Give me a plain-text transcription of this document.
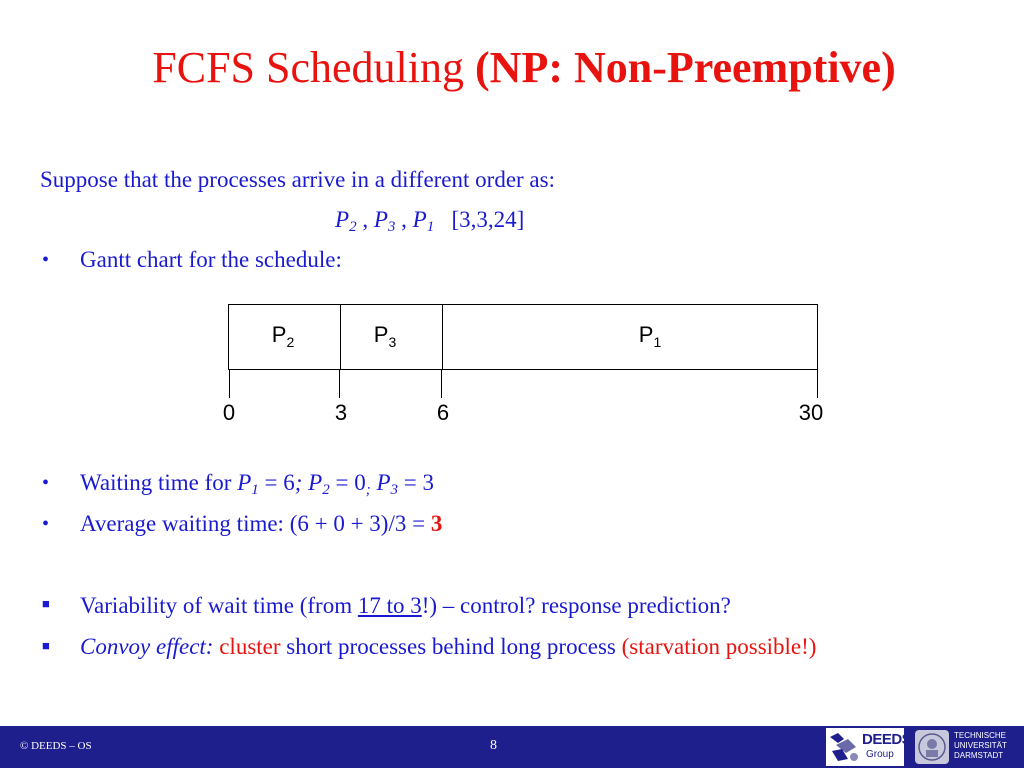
FCFS Scheduling (NP: Non-Preemptive)
Suppose that the processes arrive in a different order as:
$P_2$ , $P_3$ , $P_1$ [3,3,24]
• Gantt chart for the schedule:
$P_2$	$P_3$	$P_1$
0	3	6	30
• Waiting time for $P_1 = 6$; $P_2 = 0_;$ $P_3 = 3$
• Average waiting time: (6 + 0 + 3)/3 = 3
■ Variability of wait time (from 17 to 3!) – control? response prediction?
■ Convoy effect: cluster short processes behind long process (starvation possible!)
© DEEDS – OS	8	DEEDS
Group
TECHNISCHE
UNIVERSITÄT
DARMSTADT
